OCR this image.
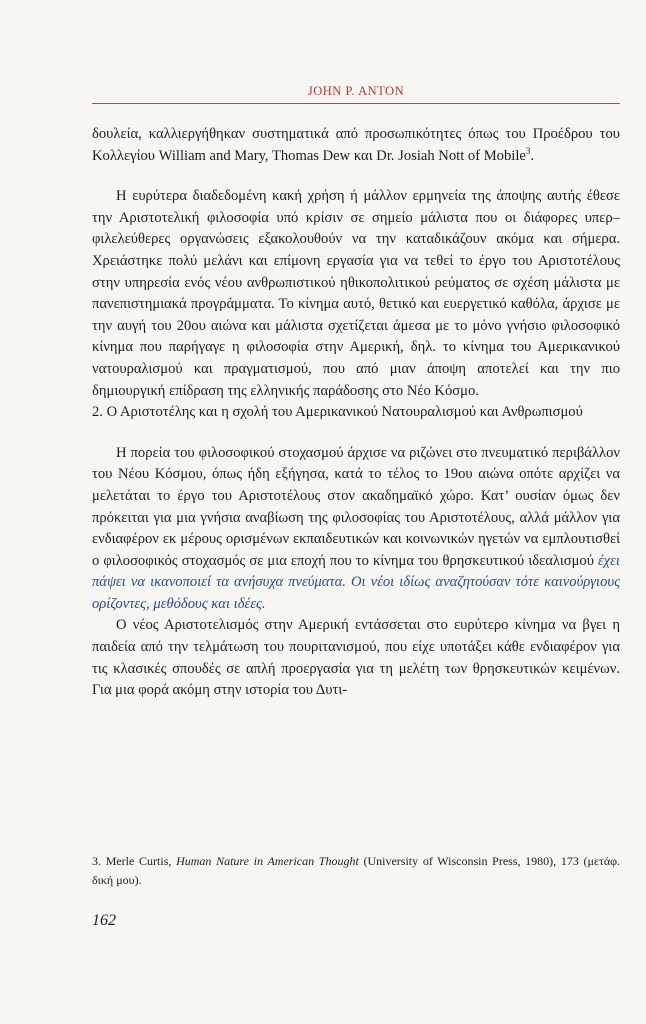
JOHN P. ANTON

δουλεία, καλλιεργήθηκαν συστηματικά από προσωπικότητες όπως του Προέδρου του Κολλεγίου William and Mary, Thomas Dew και Dr. Josiah Nott of Mobile$^3$.

Η ευρύτερα διαδεδομένη κακή χρήση ή μάλλον ερμηνεία της άποψης αυτής έθεσε την Αριστοτελική φιλοσοφία υπό κρίσιν σε σημείο μάλιστα που οι διάφορες υπερ–φιλελεύθερες οργανώσεις εξακολουθούν να την καταδικάζουν ακόμα και σήμερα. Χρειάστηκε πολύ μελάνι και επίμονη εργασία για να τεθεί το έργο του Αριστοτέλους στην υπηρεσία ενός νέου ανθρωπιστικού ηθικοπολιτικού ρεύματος σε σχέση μάλιστα με πανεπιστημιακά προγράμματα. Το κίνημα αυτό, θετικό και ευεργετικό καθόλα, άρχισε με την αυγή του 20ου αιώνα και μάλιστα σχετίζεται άμεσα με το μόνο γνήσιο φιλοσοφικό κίνημα που παρήγαγε η φιλοσοφία στην Αμερική, δηλ. το κίνημα του Αμερικανικού νατουραλισμού και πραγματισμού, που από μιαν άποψη αποτελεί και την πιο δημιουργική επίδραση της ελληνικής παράδοσης στο Νέο Κόσμο.

2. Ο Αριστοτέλης και η σχολή του Αμερικανικού Νατουραλισμού και Ανθρωπισμού

Η πορεία του φιλοσοφικού στοχασμού άρχισε να ριζώνει στο πνευματικό περιβάλλον του Νέου Κόσμου, όπως ήδη εξήγησα, κατά το τέλος το 19ου αιώνα οπότε αρχίζει να μελετάται το έργο του Αριστοτέλους στον ακαδημαϊκό χώρο. Κατ’ ουσίαν όμως δεν πρόκειται για μια γνήσια αναβίωση της φιλοσοφίας του Αριστοτέλους, αλλά μάλλον για ενδιαφέρον εκ μέρους ορισμένων εκπαιδευτικών και κοινωνικών ηγετών να εμπλουτισθεί ο φιλοσοφικός στοχασμός σε μια εποχή που το κίνημα του θρησκευτικού ιδεαλισμού έχει πάψει να ικανοποιεί τα ανήσυχα πνεύματα. Οι νέοι ιδίως αναζητούσαν τότε καινούργιους ορίζοντες, μεθόδους και ιδέες.

Ο νέος Αριστοτελισμός στην Αμερική εντάσσεται στο ευρύτερο κίνημα να βγει η παιδεία από την τελμάτωση του πουριτανισμού, που είχε υποτάξει κάθε ενδιαφέρον για τις κλασικές σπουδές σε απλή προεργασία για τη μελέτη των θρησκευτικών κειμένων. Για μια φορά ακόμη στην ιστορία του Δυτι-

3. Merle Curtis, Human Nature in American Thought (University of Wisconsin Press, 1980), 173 (μετάφ. δική μου).
162
